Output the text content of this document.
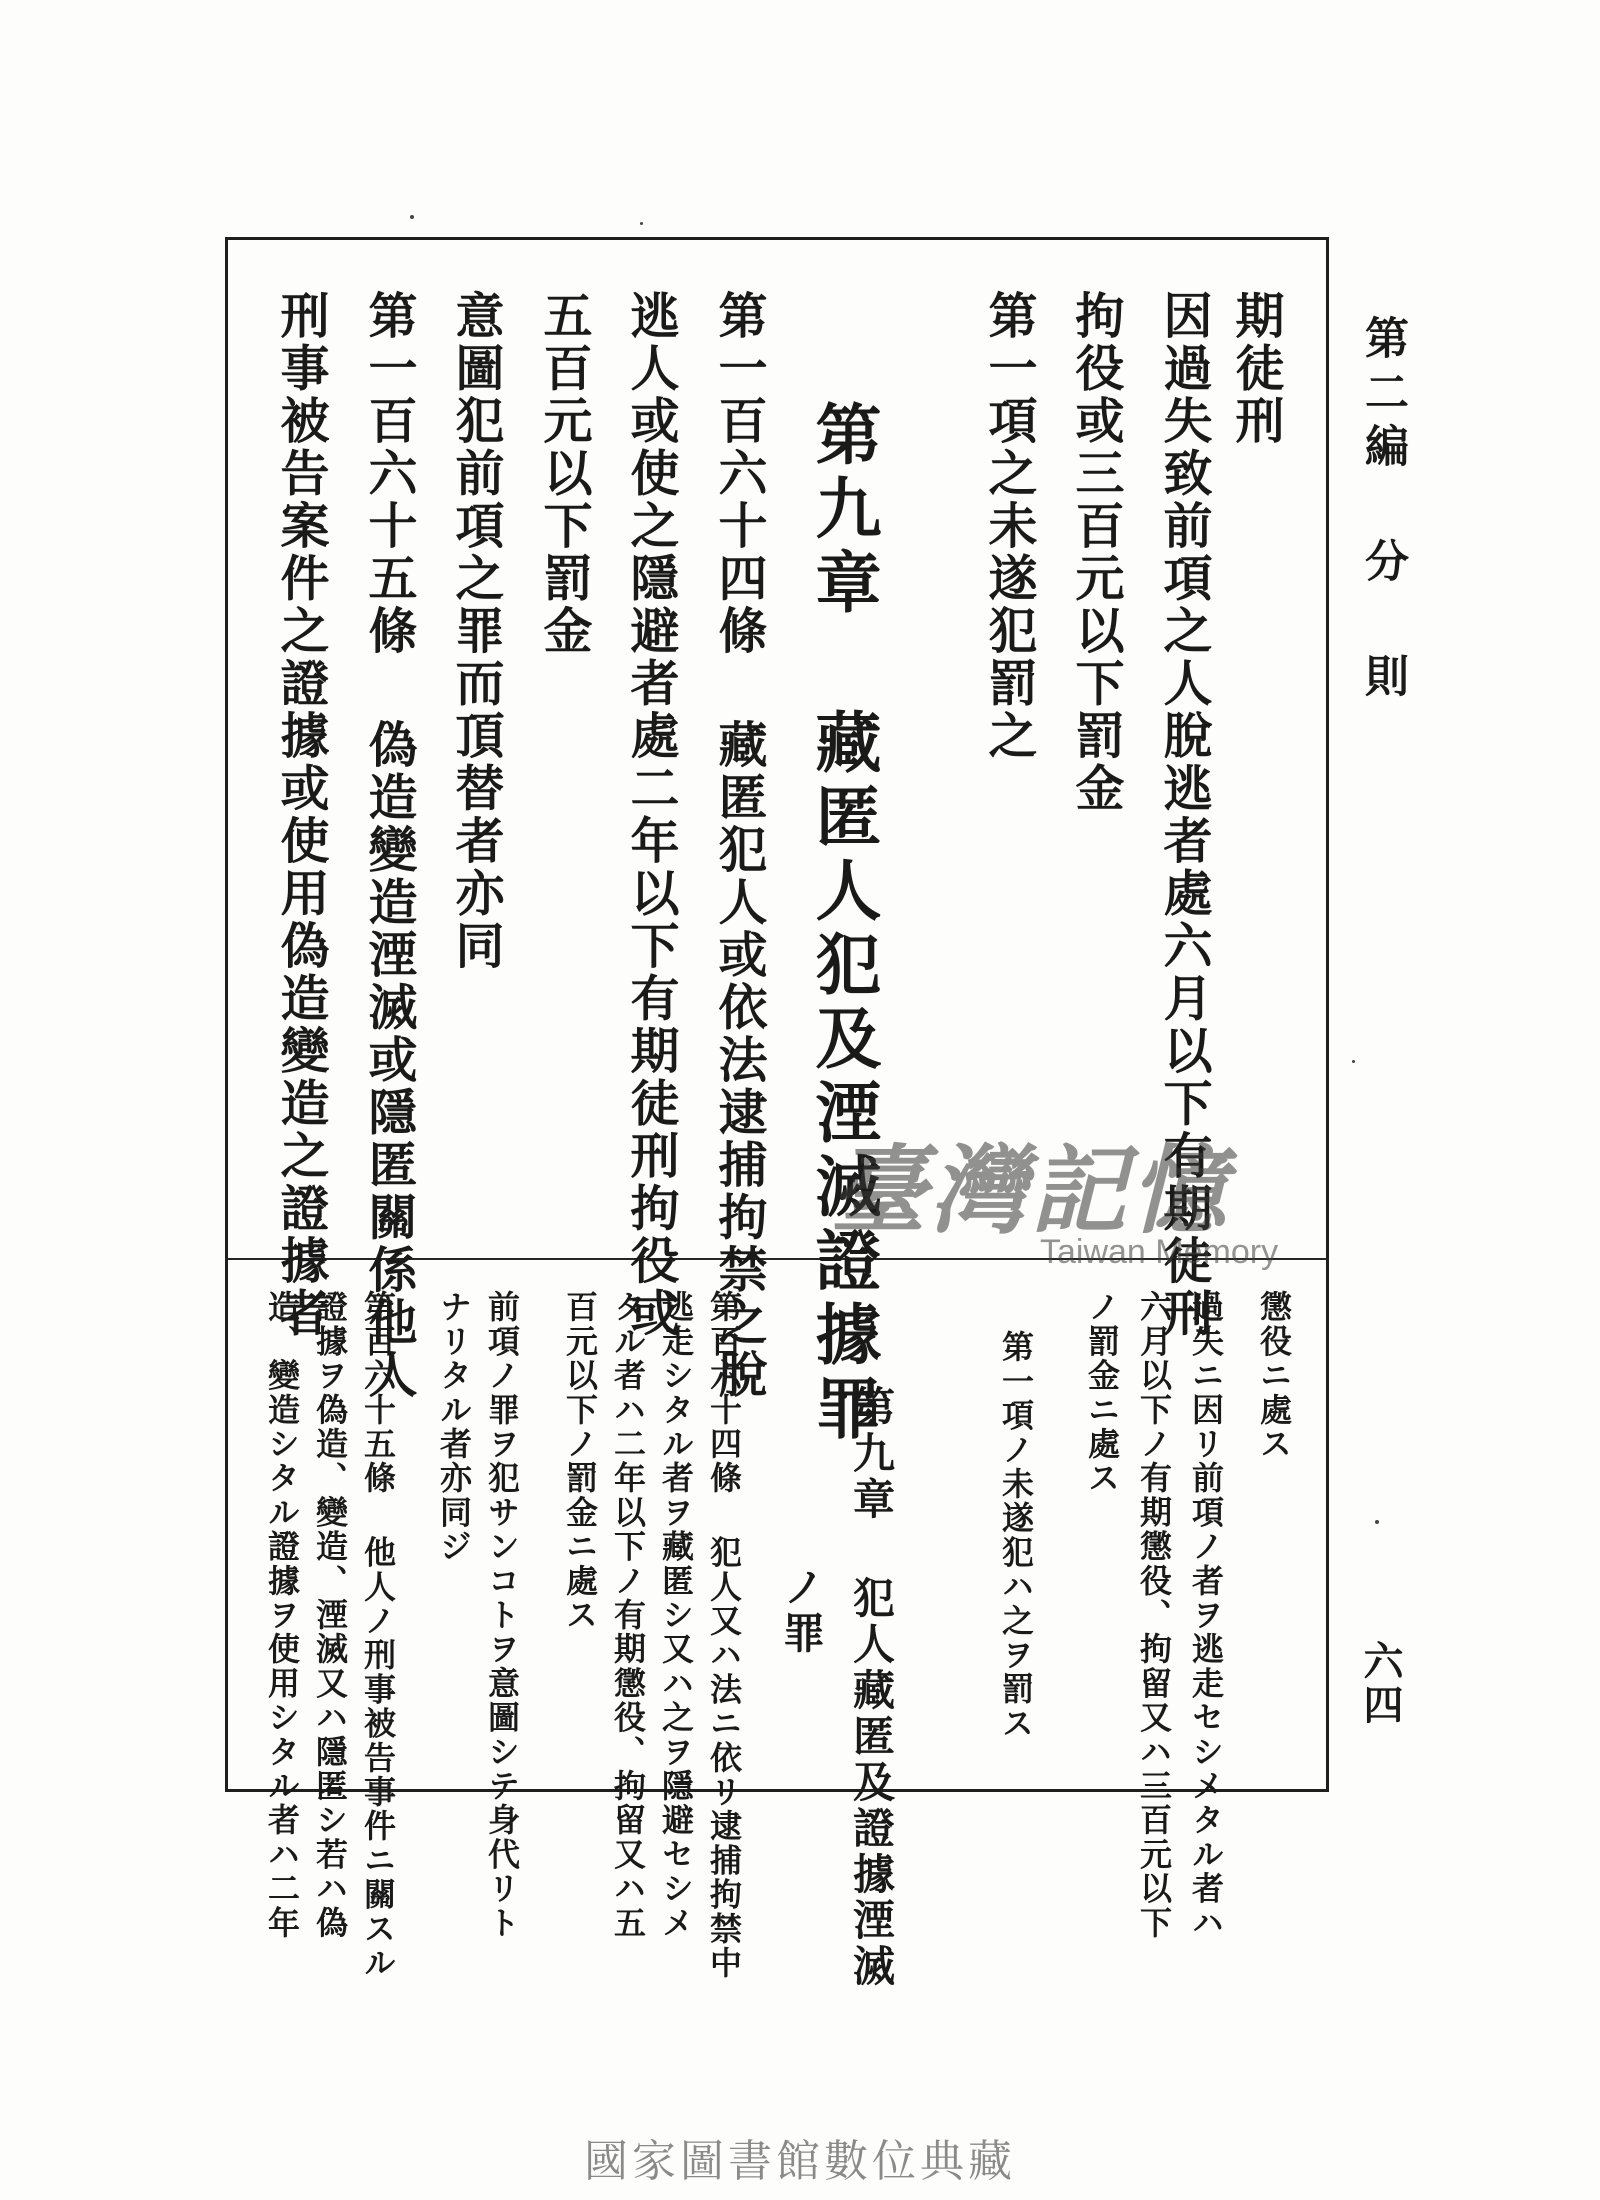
第二編 分 則
期徒刑
因過失致前項之人脫逃者處六月以下有期徒刑
拘役或三百元以下罰金
第一項之未遂犯罰之
第九章 藏匿人犯及湮滅證據罪
第一百六十四條 藏匿犯人或依法逮捕拘禁之脫
逃人或使之隱避者處二年以下有期徒刑拘役或
五百元以下罰金
意圖犯前項之罪而頂替者亦同
第一百六十五條 偽造變造湮滅或隱匿關係他人
刑事被告案件之證據或使用偽造變造之證據者
懲役ニ處ス
過失ニ因リ前項ノ者ヲ逃走セシメタル者ハ
六月以下ノ有期懲役、拘留又ハ三百元以下
ノ罰金ニ處ス
第一項ノ未遂犯ハ之ヲ罰ス
第九章 犯人藏匿及證據湮滅
ノ罪
第百六十四條 犯人又ハ法ニ依リ逮捕拘禁中
逃走シタル者ヲ藏匿シ又ハ之ヲ隱避セシメ
タル者ハ二年以下ノ有期懲役、拘留又ハ五
百元以下ノ罰金ニ處ス
前項ノ罪ヲ犯サンコトヲ意圖シテ身代リト
ナリタル者亦同ジ
第百六十五條 他人ノ刑事被告事件ニ關スル
證據ヲ偽造、變造、湮滅又ハ隱匿シ若ハ偽
造、變造シタル證據ヲ使用シタル者ハ二年	六四
臺灣記憶
Taiwan Memory
國家圖書館數位典藏
